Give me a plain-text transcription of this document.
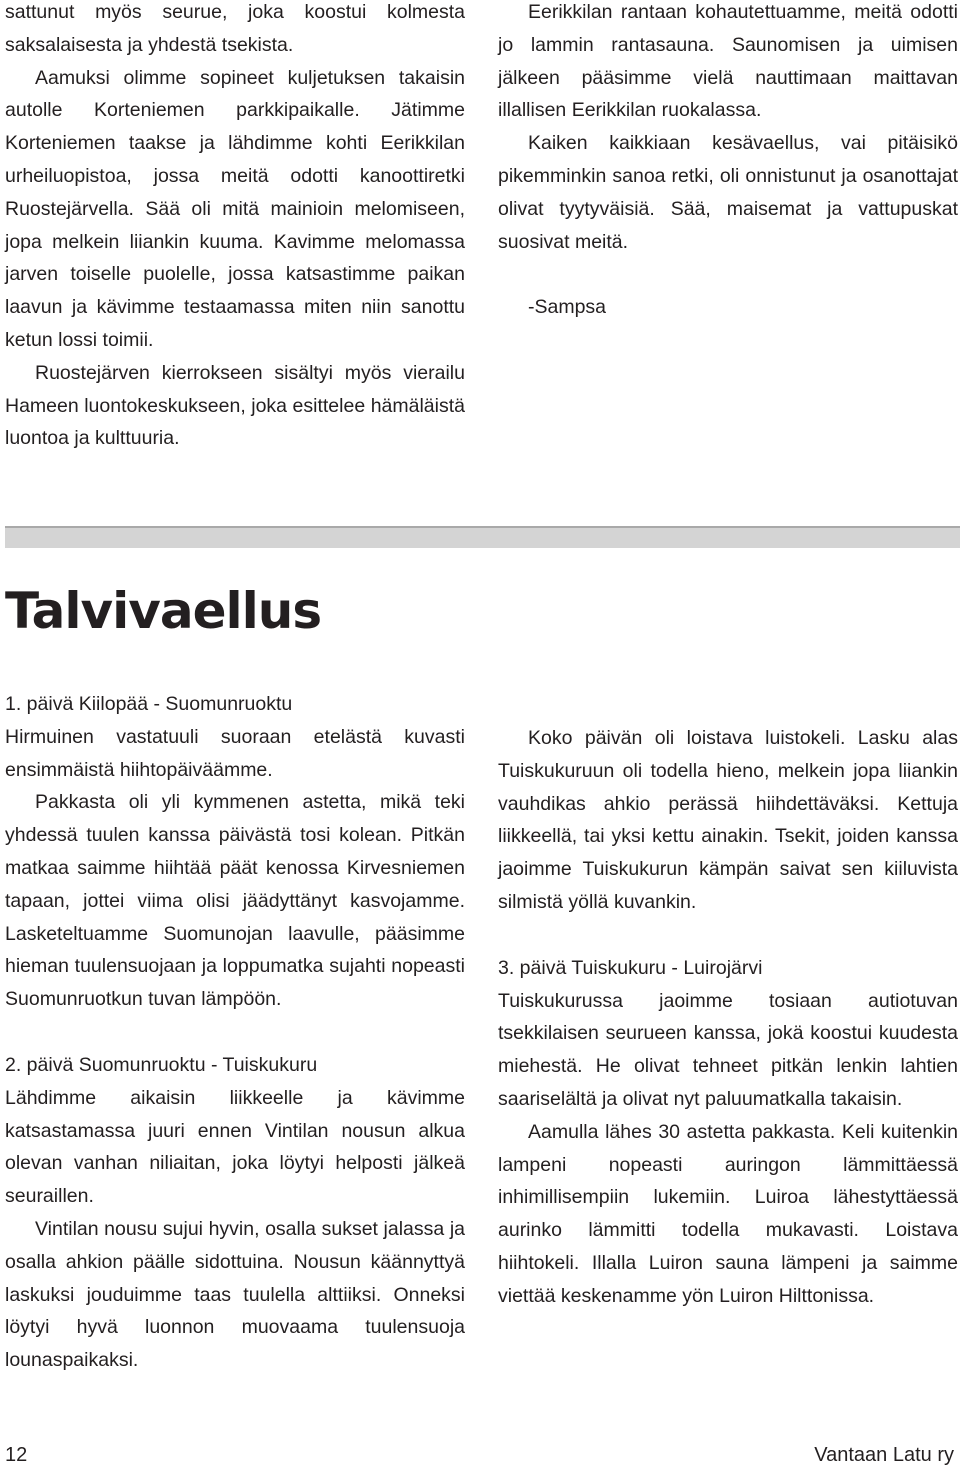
sattunut myös seurue, joka koostui kolmesta saksalaisesta ja yhdestä tsekista.

Aamuksi olimme sopineet kuljetuksen takaisin autolle Korteniemen parkkipaikalle. Jätimme Korteniemen taakse ja lähdimme kohti Eerikkilan urheiluopistoa, jossa meitä odotti kanoottiretki Ruostejärvella. Sää oli mitä mainioin melomiseen, jopa melkein liiankin kuuma. Kavimme melomassa jarven toiselle puolelle, jossa katsastimme paikan laavun ja kävimme testaamassa miten niin sanottu ketun lossi toimii.

Ruostejärven kierrokseen sisältyi myös vierailu Hameen luontokeskukseen, joka esittelee hämäläistä luontoa ja kulttuuria.

Eerikkilan rantaan kohautettuamme, meitä odotti jo lammin rantasauna. Saunomisen ja uimisen jälkeen pääsimme vielä nauttimaan maittavan illallisen Eerikkilan ruokalassa.

Kaiken kaikkiaan kesävaellus, vai pitäisikö pikemminkin sanoa retki, oli onnistunut ja osanottajat olivat tyytyväisiä. Sää, maisemat ja vattupuskat suosivat meitä.

-Sampsa

Talvivaellus

1. päivä Kiilopää - Suomunruoktu

Hirmuinen vastatuuli suoraan etelästä kuvasti ensimmäistä hiihtopäiväämme.

Pakkasta oli yli kymmenen astetta, mikä teki yhdessä tuulen kanssa päivästä tosi kolean. Pitkän matkaa saimme hiihtää päät kenossa Kirvesniemen tapaan, jottei viima olisi jäädyttänyt kasvojamme. Lasketeltuamme Suomunojan laavulle, pääsimme hieman tuulensuojaan ja loppumatka sujahti nopeasti Suomunruotkun tuvan lämpöön.

2. päivä Suomunruoktu - Tuiskukuru

Lähdimme aikaisin liikkeelle ja kävimme katsastamassa juuri ennen Vintilan nousun alkua olevan vanhan niliaitan, joka löytyi helposti jälkeä seuraillen.

Vintilan nousu sujui hyvin, osalla sukset jalassa ja osalla ahkion päälle sidottuina. Nousun käännyttyä laskuksi jouduimme taas tuulella alttiiksi. Onneksi löytyi hyvä luonnon muovaama tuulensuoja lounaspaikaksi.

Koko päivän oli loistava luistokeli. Lasku alas Tuiskukuruun oli todella hieno, melkein jopa liiankin vauhdikas ahkio perässä hiihdettäväksi. Kettuja liikkeellä, tai yksi kettu ainakin. Tsekit, joiden kanssa jaoimme Tuiskukurun kämpän saivat sen kiiluvista silmistä yöllä kuvankin.

3. päivä Tuiskukuru - Luirojärvi

Tuiskukurussa jaoimme tosiaan autiotuvan tsekkilaisen seurueen kanssa, jokä koostui kuudesta miehestä. He olivat tehneet pitkän lenkin lahtien saariselältä ja olivat nyt paluumatkalla takaisin.

Aamulla lähes 30 astetta pakkasta. Keli kuitenkin lampeni nopeasti auringon lämmittäessä inhimillisempiin lukemiin. Luiroa lähestyttäessä aurinko lämmitti todella mukavasti. Loistava hiihtokeli. Illalla Luiron sauna lämpeni ja saimme viettää keskenamme yön Luiron Hilttonissa.

12	Vantaan Latu ry
